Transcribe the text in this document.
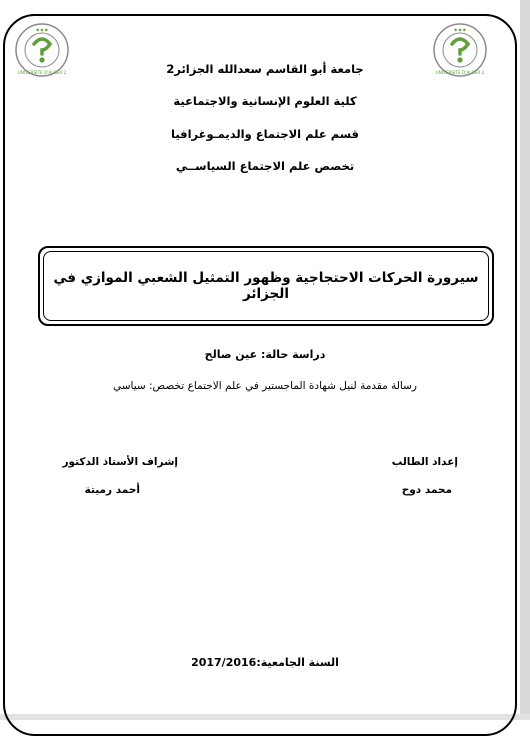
◆ ◆ ◆
UNIVERSITE D'ALGER 2
◆ ◆ ◆
UNIVERSITE D'ALGER 2
جامعة أبو القاسم سعدالله الجزائر2
كلية العلوم الإنسانية والاجتماعية
قسم علم الاجتماع والديمـوغرافيا
تخصص علم الاجتماع السياســي
سيرورة الحركات الاحتجاجية وظهور التمثيل الشعبي الموازي في الجزائر
دراسة حالة: عين صالح
رسالة مقدمة لنيل شهادة الماجستير في علم الاجتماع تخصص: سياسي
إعداد الطالب
محمد دوح
إشراف الأستاذ الدكتور
أحمد رميتة
السنة الجامعية:2017/2016
